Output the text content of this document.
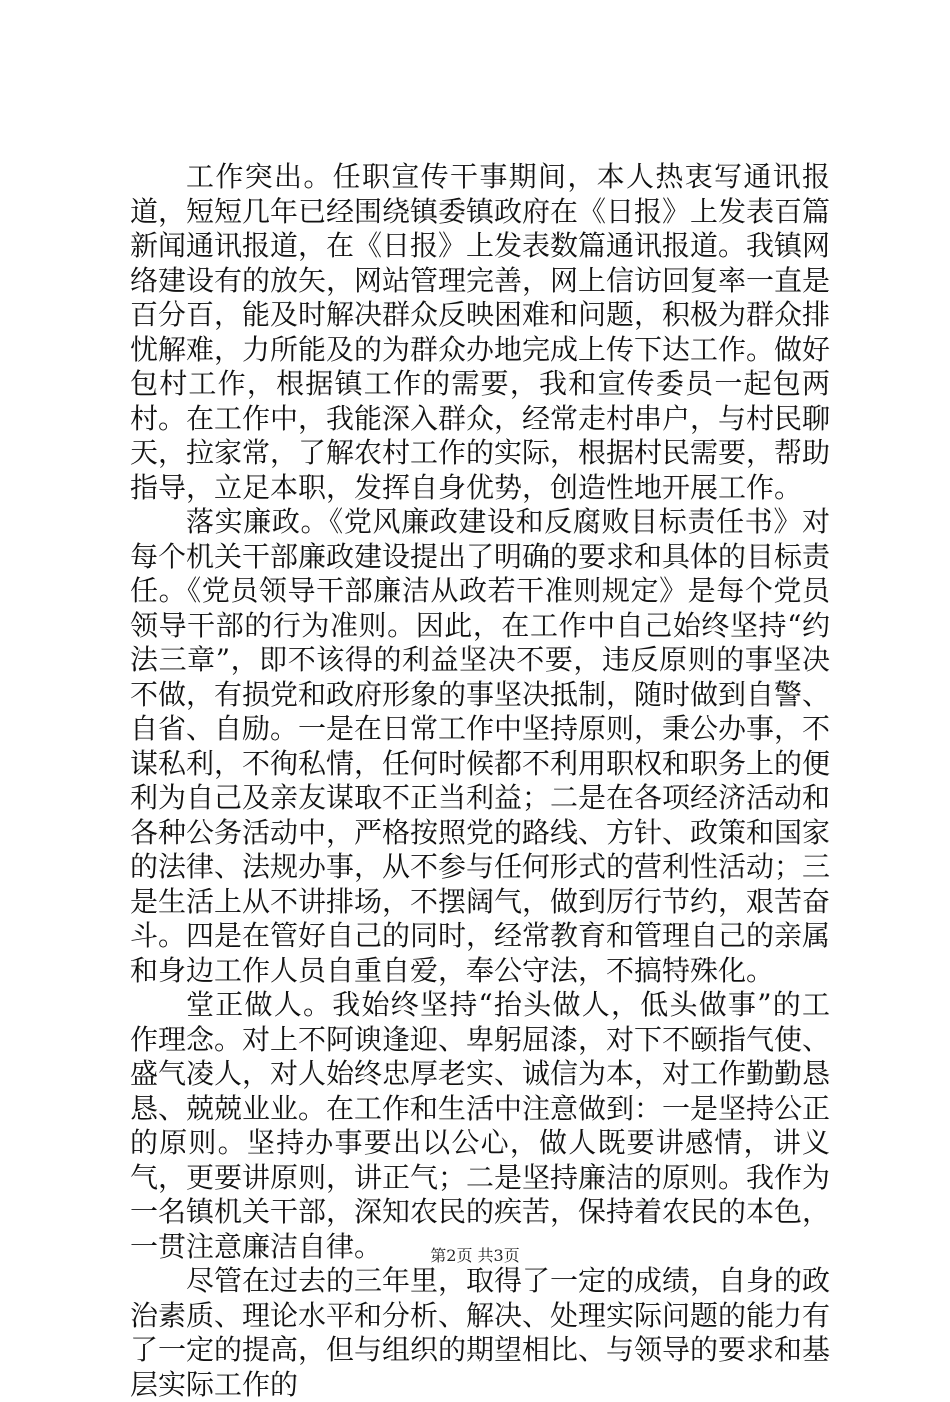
工作突出。任职宣传干事期间，本人热衷写通讯报道，短短几年已经围绕镇委镇政府在《日报》上发表百篇新闻通讯报道，在《日报》上发表数篇通讯报道。我镇网络建设有的放矢，网站管理完善，网上信访回复率一直是百分百，能及时解决群众反映困难和问题，积极为群众排忧解难，力所能及的为群众办地完成上传下达工作。做好包村工作，根据镇工作的需要，我和宣传委员一起包两村。在工作中，我能深入群众，经常走村串户，与村民聊天，拉家常，了解农村工作的实际，根据村民需要，帮助指导，立足本职，发挥自身优势，创造性地开展工作。

落实廉政。《党风廉政建设和反腐败目标责任书》对每个机关干部廉政建设提出了明确的要求和具体的目标责任。《党员领导干部廉洁从政若干准则规定》是每个党员领导干部的行为准则。因此，在工作中自己始终坚持“约法三章”，即不该得的利益坚决不要，违反原则的事坚决不做，有损党和政府形象的事坚决抵制，随时做到自警、自省、自励。一是在日常工作中坚持原则，秉公办事，不谋私利，不徇私情，任何时候都不利用职权和职务上的便利为自己及亲友谋取不正当利益；二是在各项经济活动和各种公务活动中，严格按照党的路线、方针、政策和国家的法律、法规办事，从不参与任何形式的营利性活动；三是生活上从不讲排场，不摆阔气，做到厉行节约，艰苦奋斗。四是在管好自己的同时，经常教育和管理自己的亲属和身边工作人员自重自爱，奉公守法，不搞特殊化。

堂正做人。我始终坚持“抬头做人，低头做事”的工作理念。对上不阿谀逢迎、卑躬屈漆，对下不颐指气使、盛气凌人，对人始终忠厚老实、诚信为本，对工作勤勤恳恳、兢兢业业。在工作和生活中注意做到：一是坚持公正的原则。坚持办事要出以公心，做人既要讲感情，讲义气，更要讲原则，讲正气；二是坚持廉洁的原则。我作为一名镇机关干部，深知农民的疾苦，保持着农民的本色，一贯注意廉洁自律。

尽管在过去的三年里，取得了一定的成绩，自身的政治素质、理论水平和分析、解决、处理实际问题的能力有了一定的提高，但与组织的期望相比、与领导的要求和基层实际工作的

第2页 共3页
